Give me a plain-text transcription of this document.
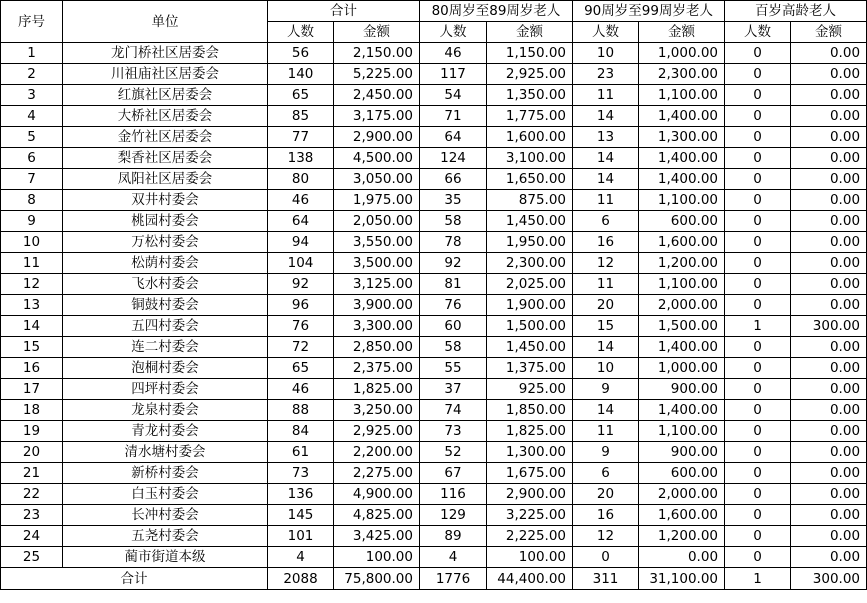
序号	单位	合计		80周岁至89周岁老人		90周岁至99周岁老人		百岁高龄老人	
		人数	金额	人数	金额	人数	金额	人数	金额
1	龙门桥社区居委会	56	2,150.00	46	1,150.00	10	1,000.00	0	0.00
2	川祖庙社区居委会	140	5,225.00	117	2,925.00	23	2,300.00	0	0.00
3	红旗社区居委会	65	2,450.00	54	1,350.00	11	1,100.00	0	0.00
4	大桥社区居委会	85	3,175.00	71	1,775.00	14	1,400.00	0	0.00
5	金竹社区居委会	77	2,900.00	64	1,600.00	13	1,300.00	0	0.00
6	梨香社区居委会	138	4,500.00	124	3,100.00	14	1,400.00	0	0.00
7	凤阳社区居委会	80	3,050.00	66	1,650.00	14	1,400.00	0	0.00
8	双井村委会	46	1,975.00	35	875.00	11	1,100.00	0	0.00
9	桃园村委会	64	2,050.00	58	1,450.00	6	600.00	0	0.00
10	万松村委会	94	3,550.00	78	1,950.00	16	1,600.00	0	0.00
11	松荫村委会	104	3,500.00	92	2,300.00	12	1,200.00	0	0.00
12	飞水村委会	92	3,125.00	81	2,025.00	11	1,100.00	0	0.00
13	铜鼓村委会	96	3,900.00	76	1,900.00	20	2,000.00	0	0.00
14	五四村委会	76	3,300.00	60	1,500.00	15	1,500.00	1	300.00
15	连二村委会	72	2,850.00	58	1,450.00	14	1,400.00	0	0.00
16	泡桐村委会	65	2,375.00	55	1,375.00	10	1,000.00	0	0.00
17	四坪村委会	46	1,825.00	37	925.00	9	900.00	0	0.00
18	龙泉村委会	88	3,250.00	74	1,850.00	14	1,400.00	0	0.00
19	青龙村委会	84	2,925.00	73	1,825.00	11	1,100.00	0	0.00
20	清水塘村委会	61	2,200.00	52	1,300.00	9	900.00	0	0.00
21	新桥村委会	73	2,275.00	67	1,675.00	6	600.00	0	0.00
22	白玉村委会	136	4,900.00	116	2,900.00	20	2,000.00	0	0.00
23	长冲村委会	145	4,825.00	129	3,225.00	16	1,600.00	0	0.00
24	五尧村委会	101	3,425.00	89	2,225.00	12	1,200.00	0	0.00
25	蔺市街道本级	4	100.00	4	100.00	0	0.00	0	0.00
合计		2088	75,800.00	1776	44,400.00	311	31,100.00	1	300.00
